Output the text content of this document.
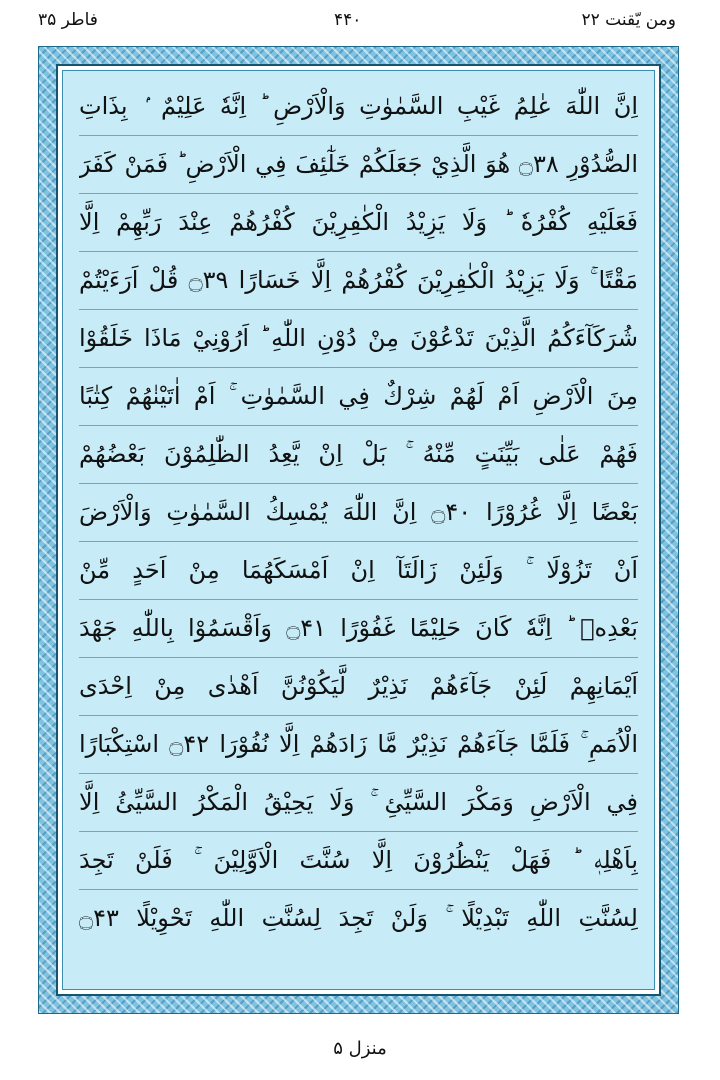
فاطر ۳۵	۴۴۰	ومن یّقنت ۲۲
اِنَّ اللّٰهَ عٰلِمُ غَيْبِ السَّمٰوٰتِ وَالْاَرْضِ ؕ اِنَّهٗ عَلِيْمٌ ۢ بِذَاتِ
الصُّدُوْرِ ۝۳۸ هُوَ الَّذِيْ جَعَلَكُمْ خَلٰٓئِفَ فِي الْاَرْضِ ؕ فَمَنْ كَفَرَ
فَعَلَيْهِ كُفْرُهٗ ؕ وَلَا يَزِيْدُ الْكٰفِرِيْنَ كُفْرُهُمْ عِنْدَ رَبِّهِمْ اِلَّا
مَقْتًا ۚ وَلَا يَزِيْدُ الْكٰفِرِيْنَ كُفْرُهُمْ اِلَّا خَسَارًا ۝۳۹ قُلْ اَرَءَيْتُمْ
شُرَكَآءَكُمُ الَّذِيْنَ تَدْعُوْنَ مِنْ دُوْنِ اللّٰهِ ؕ اَرُوْنِيْ مَاذَا خَلَقُوْا
مِنَ الْاَرْضِ اَمْ لَهُمْ شِرْكٌ فِي السَّمٰوٰتِ ۚ اَمْ اٰتَيْنٰهُمْ كِتٰبًا
فَهُمْ عَلٰى بَيِّنَتٍ مِّنْهُ ۚ بَلْ اِنْ يَّعِدُ الظّٰلِمُوْنَ بَعْضُهُمْ
بَعْضًا اِلَّا غُرُوْرًا ۝۴۰ اِنَّ اللّٰهَ يُمْسِكُ السَّمٰوٰتِ وَالْاَرْضَ
اَنْ تَزُوْلَا ۚ وَلَئِنْ زَالَتَآ اِنْ اَمْسَكَهُمَا مِنْ اَحَدٍ مِّنْ
بَعْدِهٖ ؕ اِنَّهٗ كَانَ حَلِيْمًا غَفُوْرًا ۝۴۱ وَاَقْسَمُوْا بِاللّٰهِ جَهْدَ
اَيْمَانِهِمْ لَئِنْ جَآءَهُمْ نَذِيْرٌ لَّيَكُوْنُنَّ اَهْدٰى مِنْ اِحْدَى
الْاُمَمِ ۚ فَلَمَّا جَآءَهُمْ نَذِيْرٌ مَّا زَادَهُمْ اِلَّا نُفُوْرَا ۝۴۲ اسْتِكْبَارًا
فِي الْاَرْضِ وَمَكْرَ السَّيِّئِ ۚ وَلَا يَحِيْقُ الْمَكْرُ السَّيِّئُ اِلَّا
بِاَهْلِهٖ ؕ فَهَلْ يَنْظُرُوْنَ اِلَّا سُنَّتَ الْاَوَّلِيْنَ ۚ فَلَنْ تَجِدَ
لِسُنَّتِ اللّٰهِ تَبْدِيْلًا ۚ وَلَنْ تَجِدَ لِسُنَّتِ اللّٰهِ تَحْوِيْلًا ۝۴۳
منزل ۵
